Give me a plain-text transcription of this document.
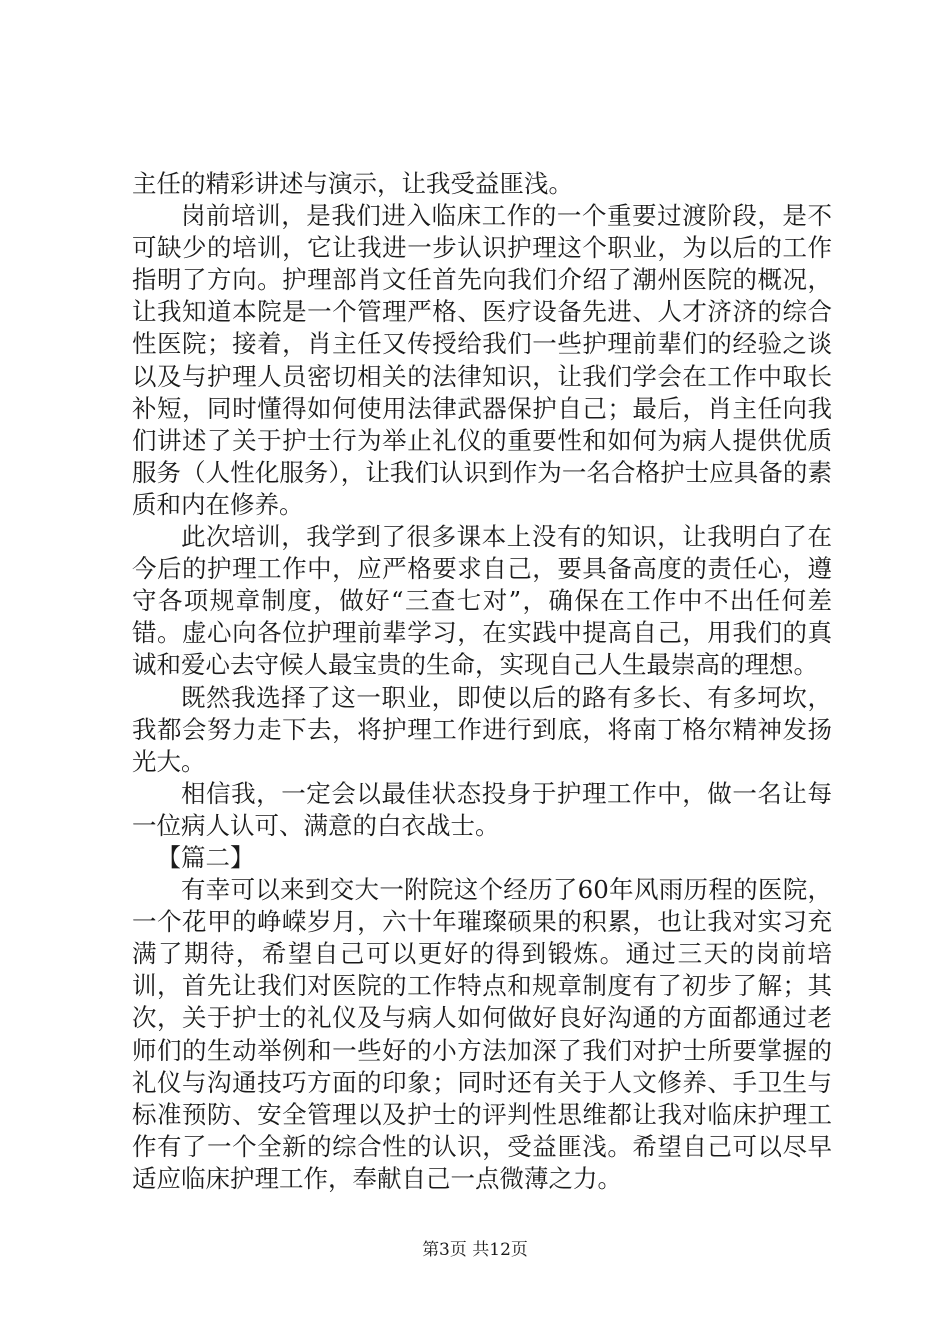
主任的精彩讲述与演示，让我受益匪浅。

岗前培训，是我们进入临床工作的一个重要过渡阶段，是不可缺少的培训，它让我进一步认识护理这个职业，为以后的工作指明了方向。护理部肖文任首先向我们介绍了潮州医院的概况，让我知道本院是一个管理严格、医疗设备先进、人才济济的综合性医院；接着，肖主任又传授给我们一些护理前辈们的经验之谈以及与护理人员密切相关的法律知识，让我们学会在工作中取长补短，同时懂得如何使用法律武器保护自己；最后，肖主任向我们讲述了关于护士行为举止礼仪的重要性和如何为病人提供优质服务（人性化服务），让我们认识到作为一名合格护士应具备的素质和内在修养。

此次培训，我学到了很多课本上没有的知识，让我明白了在今后的护理工作中，应严格要求自己，要具备高度的责任心，遵守各项规章制度，做好“三查七对”，确保在工作中不出任何差错。虚心向各位护理前辈学习，在实践中提高自己，用我们的真诚和爱心去守候人最宝贵的生命，实现自己人生最崇高的理想。

既然我选择了这一职业，即使以后的路有多长、有多坷坎，我都会努力走下去，将护理工作进行到底，将南丁格尔精神发扬光大。

相信我，一定会以最佳状态投身于护理工作中，做一名让每一位病人认可、满意的白衣战士。

【篇二】

有幸可以来到交大一附院这个经历了60年风雨历程的医院，一个花甲的峥嵘岁月，六十年璀璨硕果的积累，也让我对实习充满了期待，希望自己可以更好的得到锻炼。通过三天的岗前培训，首先让我们对医院的工作特点和规章制度有了初步了解；其次，关于护士的礼仪及与病人如何做好良好沟通的方面都通过老师们的生动举例和一些好的小方法加深了我们对护士所要掌握的礼仪与沟通技巧方面的印象；同时还有关于人文修养、手卫生与标准预防、安全管理以及护士的评判性思维都让我对临床护理工作有了一个全新的综合性的认识，受益匪浅。希望自己可以尽早适应临床护理工作，奉献自己一点微薄之力。

第3页 共12页
